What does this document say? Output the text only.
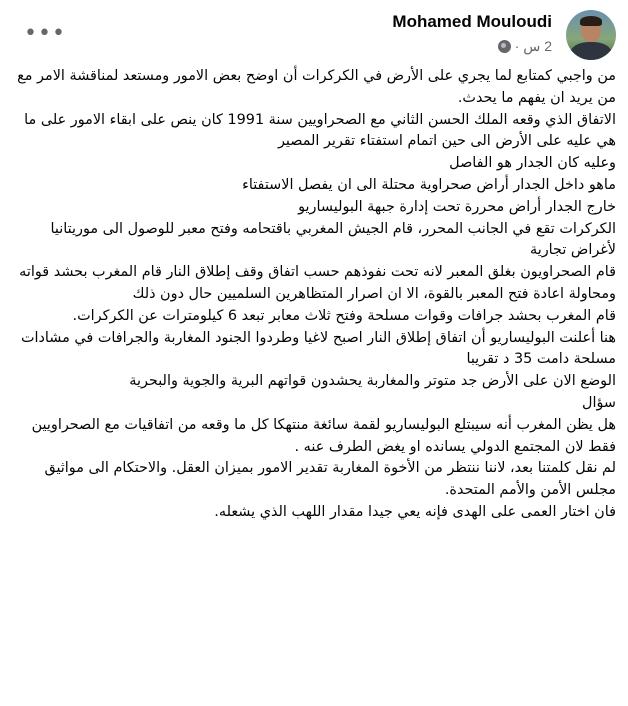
•••	Mohamed Mouloudi
2 س ·

من واجبي كمتابع لما يجري على الأرض في الكركرات أن اوضح بعض الامور ومستعد لمناقشة الامر مع من يريد ان يفهم ما يحدث.

الاتفاق الذي وقعه الملك الحسن الثاني مع الصحراويين سنة 1991 كان ينص على ابقاء الامور على ما هي عليه على الأرض الى حين اتمام استفتاء تقرير المصير

وعليه كان الجدار هو الفاصل

ماهو داخل الجدار أراض صحراوية محتلة الى ان يفصل الاستفتاء

خارج الجدار أراض محررة تحت إدارة جبهة البوليساريو

الكركرات تقع في الجانب المحرر، قام الجيش المغربي باقتحامه وفتح معبر للوصول الى موريتانيا لأغراض تجارية

قام الصحراويون بغلق المعبر لانه تحت نفوذهم حسب اتفاق وقف إطلاق النار قام المغرب بحشد قواته ومحاولة اعادة فتح المعبر بالقوة، الا ان اصرار المتظاهرين السلميين حال دون ذلك

قام المغرب بحشد جرافات وقوات مسلحة وفتح ثلاث معابر تبعد 6 كيلومترات عن الكركرات.

هنا أعلنت البوليساريو أن اتفاق إطلاق النار اصبح لاغيا وطردوا الجنود المغاربة والجرافات في مشادات مسلحة دامت 35 د تقريبا

الوضع الان على الأرض جد متوتر والمغاربة يحشدون قواتهم البرية والجوية والبحرية

سؤال

هل يظن المغرب أنه سيبتلع البوليساريو لقمة سائغة منتهكا كل ما وقعه من اتفاقيات مع الصحراويين فقط لان المجتمع الدولي يسانده او يغض الطرف عنه .

لم نقل كلمتنا بعد، لاننا ننتظر من الأخوة المغاربة تقدير الامور بميزان العقل. والاحتكام الى مواثيق مجلس الأمن والأمم المتحدة.

فان اختار العمى على الهدى فإنه يعي جيدا مقدار اللهب الذي يشعله.
